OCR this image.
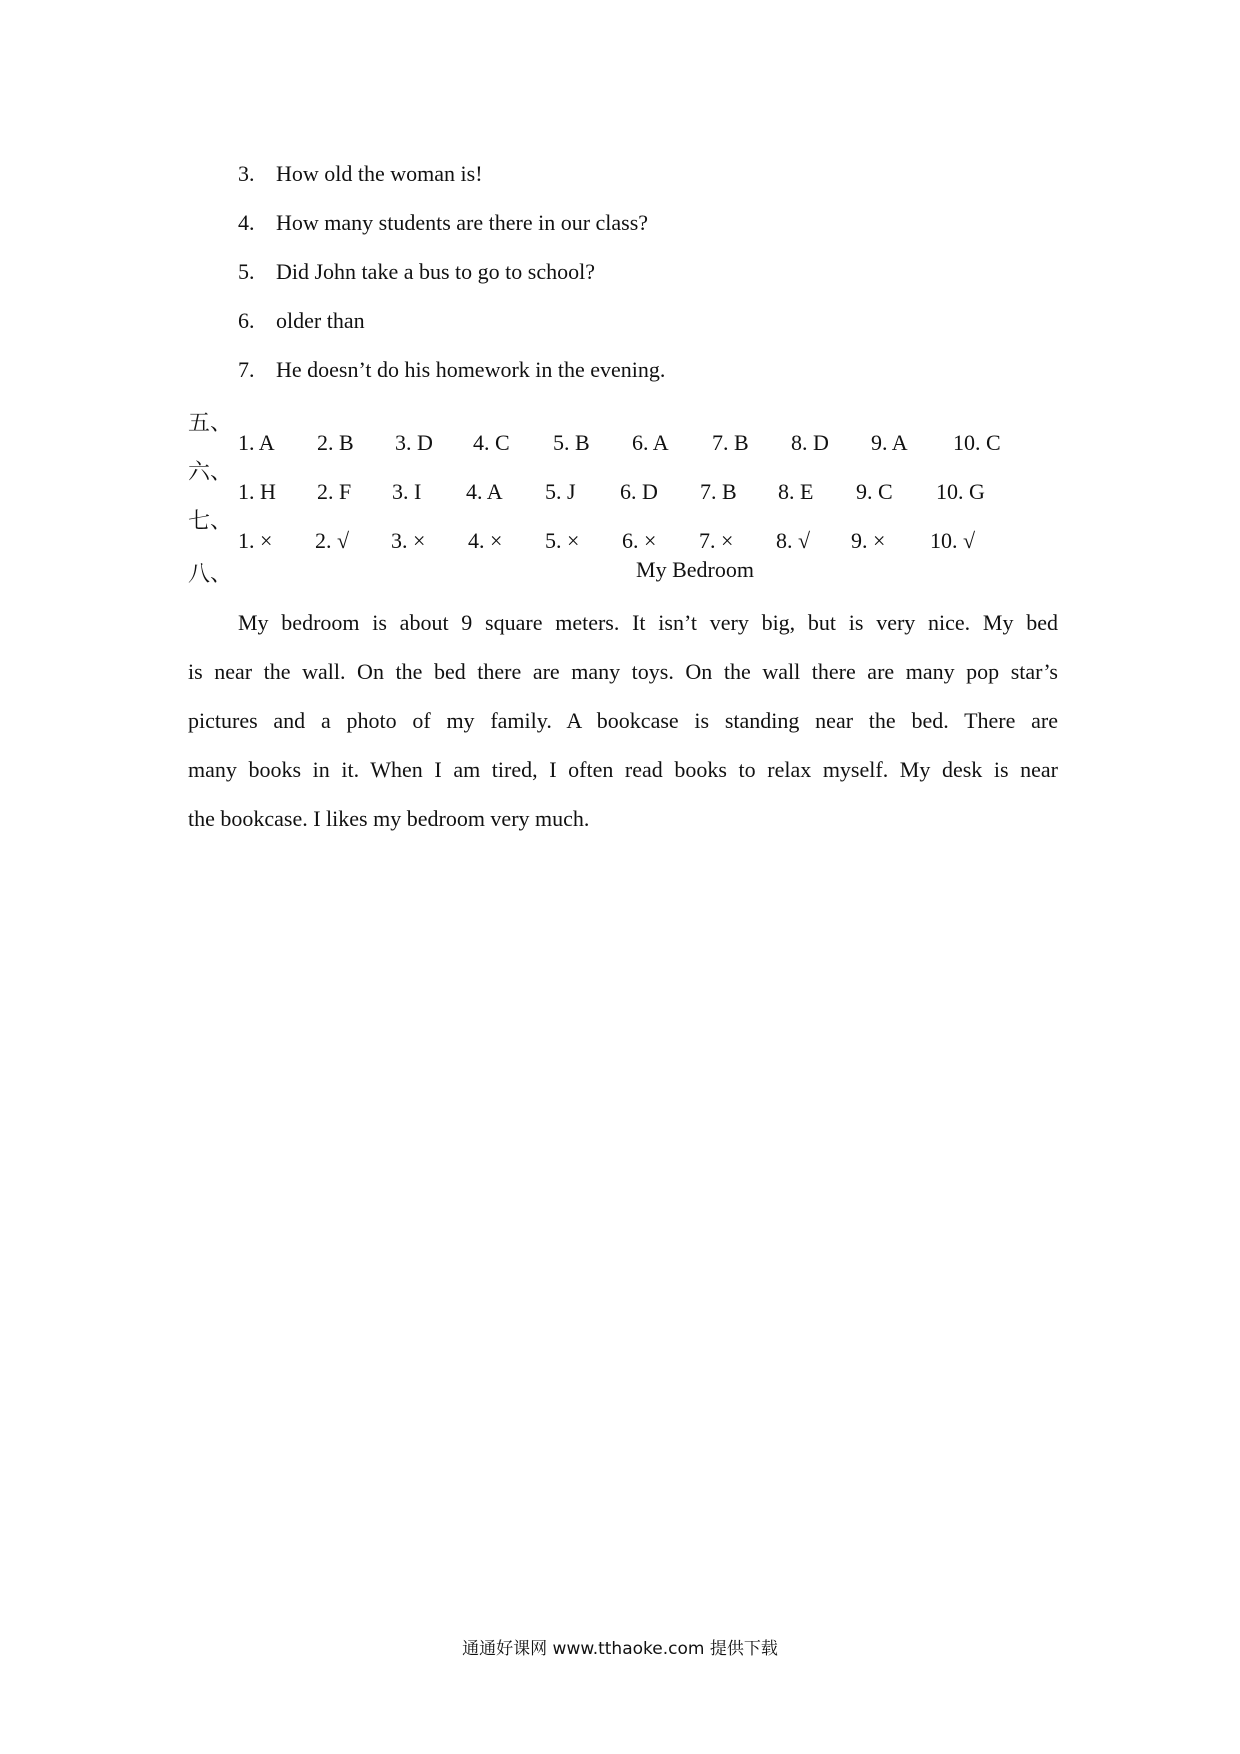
3. How old the woman is!
4. How many students are there in our class?
5. Did John take a bus to go to school?
6. older than
7. He doesn’t do his homework in the evening.
五、
1. A 2. B 3. D 4. C 5. B 6. A 7. B 8. D 9. A 10. C
六、
1. H 2. F 3. I 4. A 5. J 6. D 7. B 8. E 9. C 10. G
七、
1. × 2. √ 3. × 4. × 5. × 6. × 7. × 8. √ 9. × 10. √
八、	My Bedroom

My bedroom is about 9 square meters. It isn’t very big, but is very nice. My bed

is near the wall. On the bed there are many toys. On the wall there are many pop star’s

pictures and a photo of my family. A bookcase is standing near the bed. There are

many books in it. When I am tired, I often read books to relax myself. My desk is near

the bookcase. I likes my bedroom very much.

通通好课网 www.tthaoke.com 提供下载
